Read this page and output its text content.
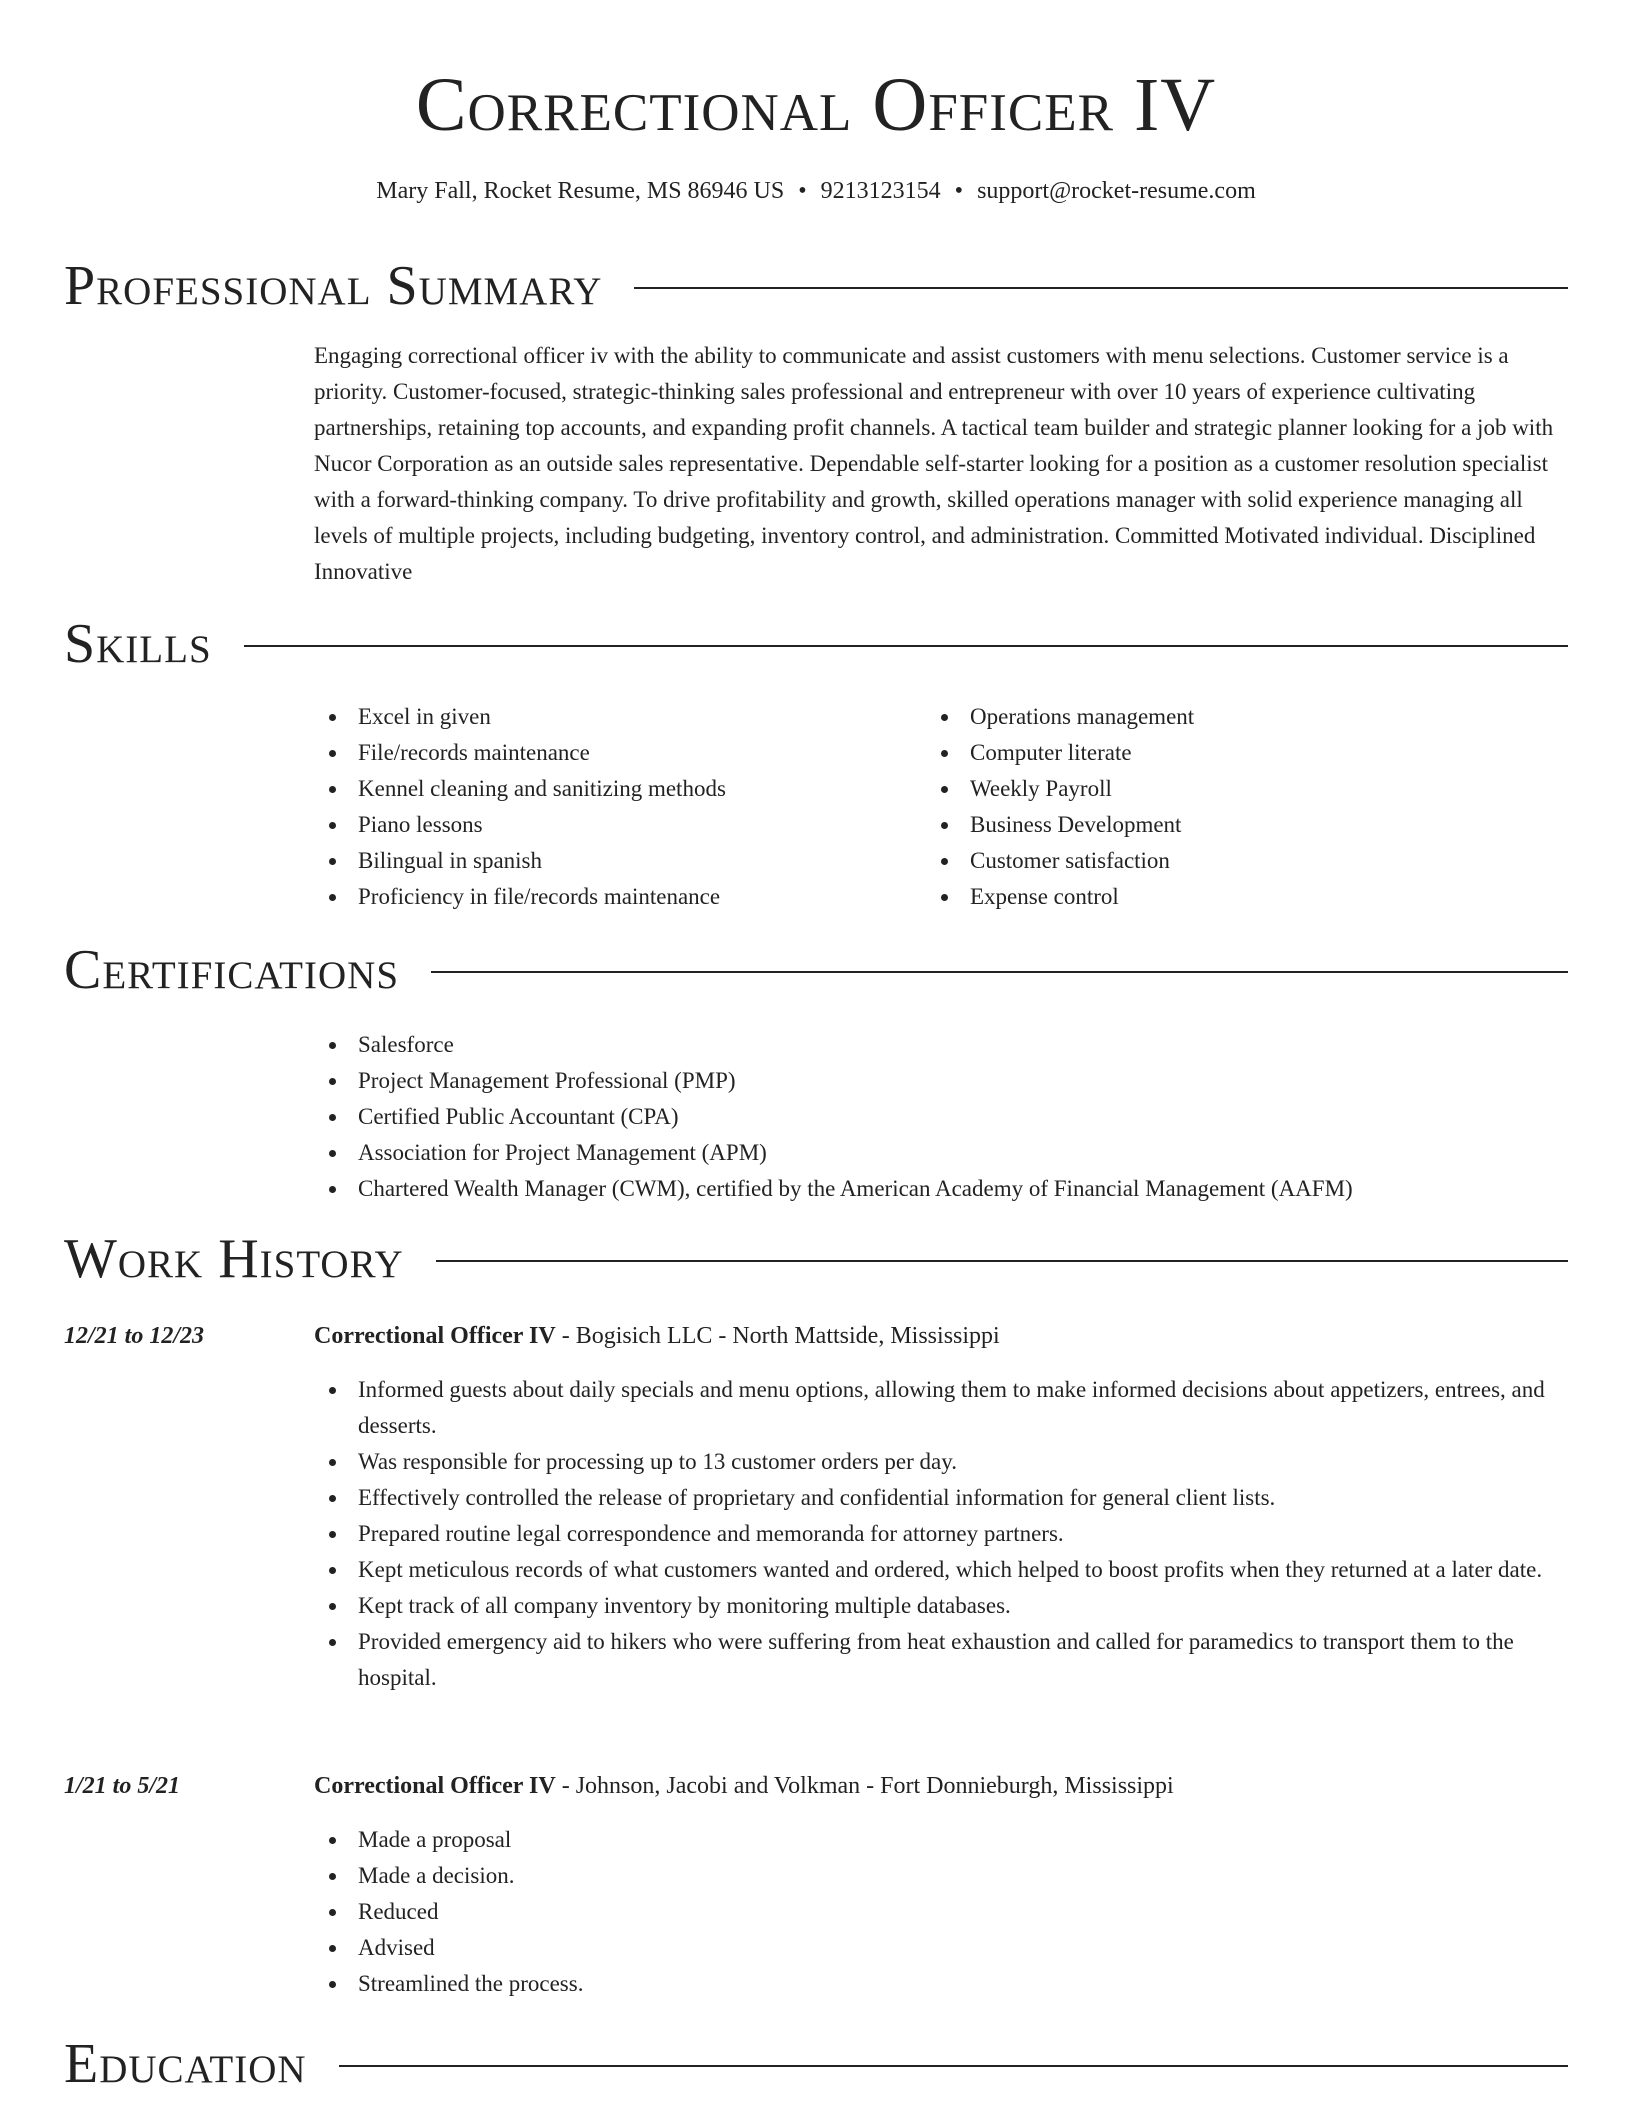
Correctional Officer IV
Mary Fall, Rocket Resume, MS 86946 US • 9213123154 • support@rocket-resume.com
Professional Summary

Engaging correctional officer iv with the ability to communicate and assist customers with menu selections. Customer service is a priority. Customer-focused, strategic-thinking sales professional and entrepreneur with over 10 years of experience cultivating partnerships, retaining top accounts, and expanding profit channels. A tactical team builder and strategic planner looking for a job with Nucor Corporation as an outside sales representative. Dependable self-starter looking for a position as a customer resolution specialist with a forward-thinking company. To drive profitability and growth, skilled operations manager with solid experience managing all levels of multiple projects, including budgeting, inventory control, and administration. Committed Motivated individual. Disciplined Innovative

Skills
Excel in given
File/records maintenance
Kennel cleaning and sanitizing methods
Piano lessons
Bilingual in spanish
Proficiency in file/records maintenance
Operations management
Computer literate
Weekly Payroll
Business Development
Customer satisfaction
Expense control
Certifications
Salesforce
Project Management Professional (PMP)
Certified Public Accountant (CPA)
Association for Project Management (APM)
Chartered Wealth Manager (CWM), certified by the American Academy of Financial Management (AAFM)
Work History
12/21 to 12/23	Correctional Officer IV - Bogisich LLC - North Mattside, Mississippi
Informed guests about daily specials and menu options, allowing them to make informed decisions about appetizers, entrees, and desserts.
Was responsible for processing up to 13 customer orders per day.
Effectively controlled the release of proprietary and confidential information for general client lists.
Prepared routine legal correspondence and memoranda for attorney partners.
Kept meticulous records of what customers wanted and ordered, which helped to boost profits when they returned at a later date.
Kept track of all company inventory by monitoring multiple databases.
Provided emergency aid to hikers who were suffering from heat exhaustion and called for paramedics to transport them to the hospital.
1/21 to 5/21	Correctional Officer IV - Johnson, Jacobi and Volkman - Fort Donnieburgh, Mississippi
Made a proposal
Made a decision.
Reduced
Advised
Streamlined the process.
Education
